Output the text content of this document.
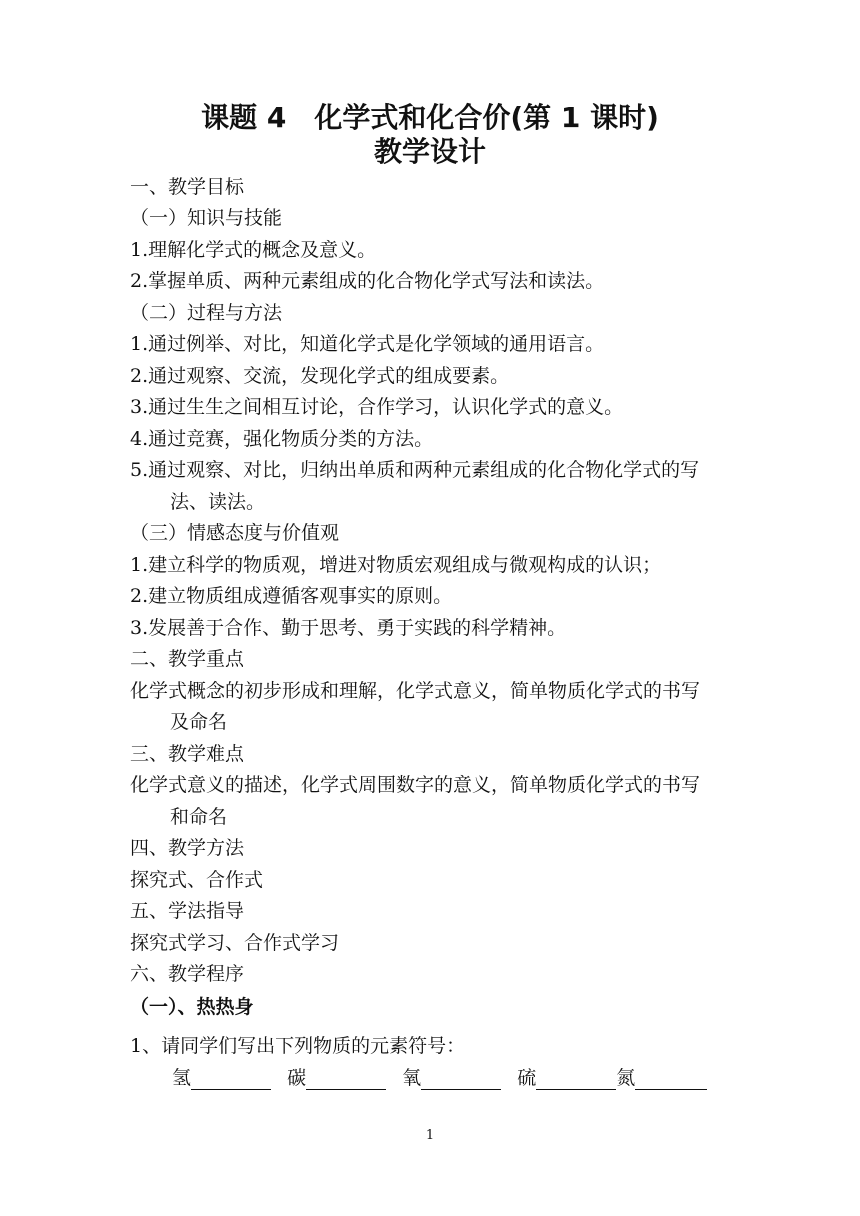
课题 4　化学式和化合价(第 1 课时)
教学设计
一、教学目标
（一）知识与技能
1.理解化学式的概念及意义。
2.掌握单质、两种元素组成的化合物化学式写法和读法。
（二）过程与方法
1.通过例举、对比，知道化学式是化学领域的通用语言。
2.通过观察、交流，发现化学式的组成要素。
3.通过生生之间相互讨论，合作学习，认识化学式的意义。
4.通过竞赛，强化物质分类的方法。
5.通过观察、对比，归纳出单质和两种元素组成的化合物化学式的写
法、读法。
（三）情感态度与价值观
1.建立科学的物质观，增进对物质宏观组成与微观构成的认识；
2.建立物质组成遵循客观事实的原则。
3.发展善于合作、勤于思考、勇于实践的科学精神。
二、教学重点
化学式概念的初步形成和理解，化学式意义，简单物质化学式的书写
及命名
三、教学难点
化学式意义的描述，化学式周围数字的意义，简单物质化学式的书写
和命名
四、教学方法
探究式、合作式
五、学法指导
探究式学习、合作式学习
六、教学程序
（一）、热热身
1、请同学们写出下列物质的元素符号：
氢	碳	氧	硫	氮
1
